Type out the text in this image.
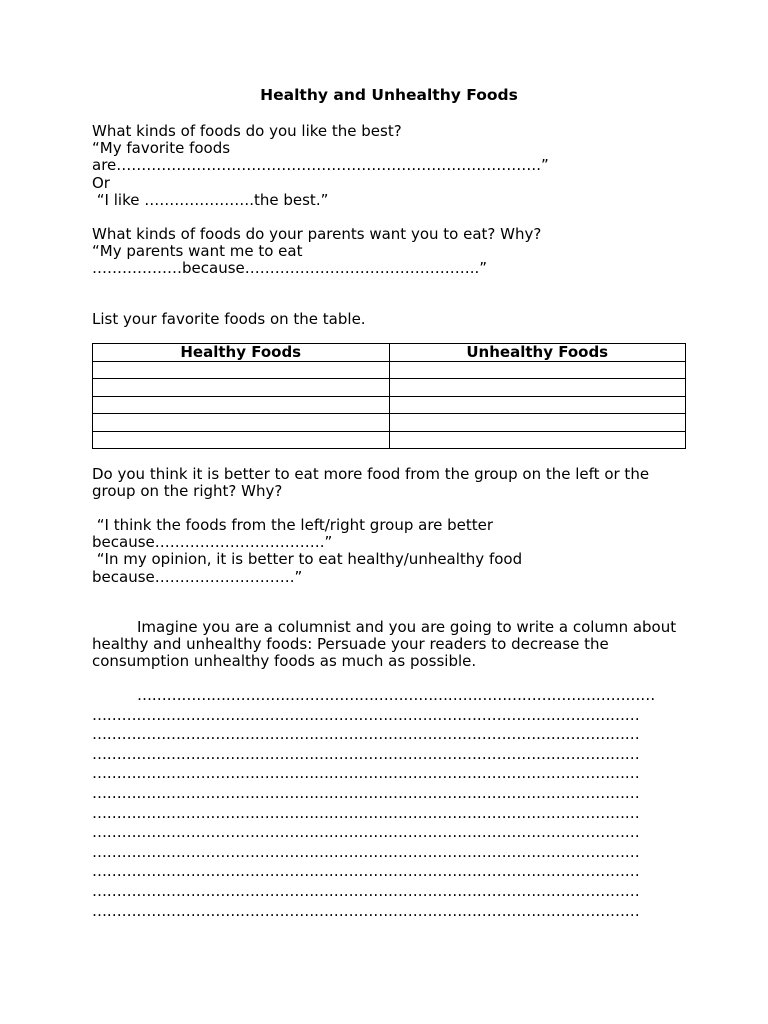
Healthy and Unhealthy Foods
What kinds of foods do you like the best?
“My favorite foods
are………………………………………………………………………….”
Or
“I like ………………….the best.”
What kinds of foods do your parents want you to eat? Why?
“My parents want me to eat
………………because………………………………………..”
List your favorite foods on the table.
Healthy Foods	Unhealthy Foods

Do you think it is better to eat more food from the group on the left or the group on the right? Why?
“I think the foods from the left/right group are better
because…………………………….”
“In my opinion, it is better to eat healthy/unhealthy food
because……………………….”
Imagine you are a columnist and you are going to write a column about healthy and unhealthy foods: Persuade your readers to decrease the consumption unhealthy foods as much as possible.
……………………………………………………………………………………………
…………………………………………………………………………………………………
…………………………………………………………………………………………………
…………………………………………………………………………………………………
…………………………………………………………………………………………………
…………………………………………………………………………………………………
…………………………………………………………………………………………………
…………………………………………………………………………………………………
…………………………………………………………………………………………………
…………………………………………………………………………………………………
…………………………………………………………………………………………………
…………………………………………………………………………………………………
